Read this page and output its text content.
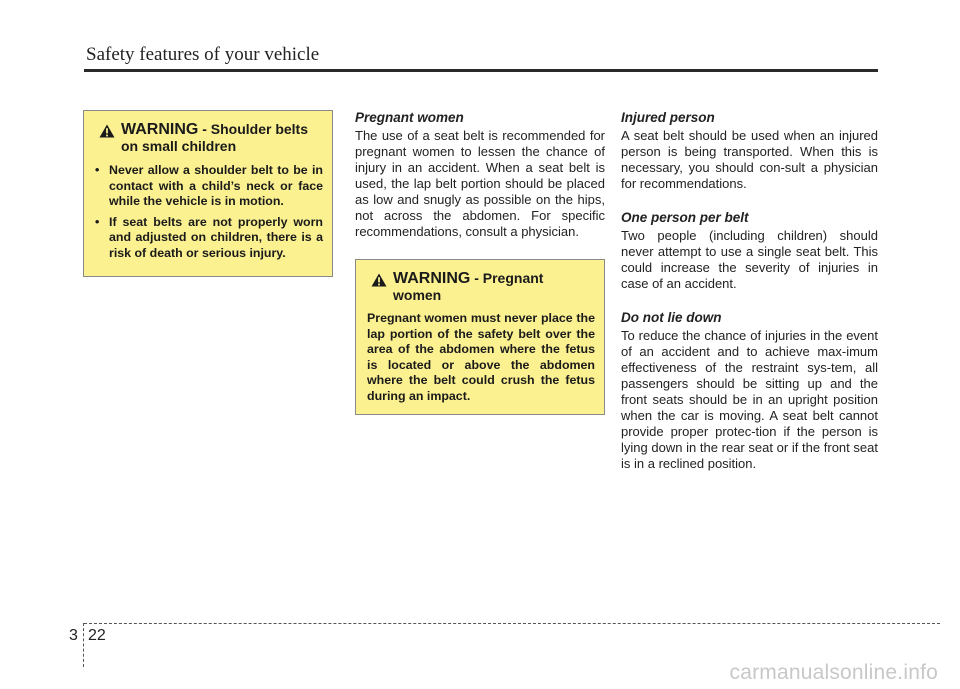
Safety features of your vehicle
WARNING - Shoulder belts on small children
• Never allow a shoulder belt to be in contact with a child’s neck or face while the vehicle is in motion.
• If seat belts are not properly worn and adjusted on children, there is a risk of death or serious injury.
Pregnant women

The use of a seat belt is recommended for pregnant women to lessen the chance of injury in an accident. When a seat belt is used, the lap belt portion should be placed as low and snugly as possible on the hips, not across the abdomen. For specific recommendations, consult a physician.

WARNING - Pregnant women
Pregnant women must never place the lap portion of the safety belt over the area of the abdomen where the fetus is located or above the abdomen where the belt could crush the fetus during an impact.
Injured person

A seat belt should be used when an injured person is being transported. When this is necessary, you should con-sult a physician for recommendations.

One person per belt

Two people (including children) should never attempt to use a single seat belt. This could increase the severity of injuries in case of an accident.

Do not lie down

To reduce the chance of injuries in the event of an accident and to achieve max-imum effectiveness of the restraint sys-tem, all passengers should be sitting up and the front seats should be in an upright position when the car is moving. A seat belt cannot provide proper protec-tion if the person is lying down in the rear seat or if the front seat is in a reclined position.

3 22
carmanualsonline.info
